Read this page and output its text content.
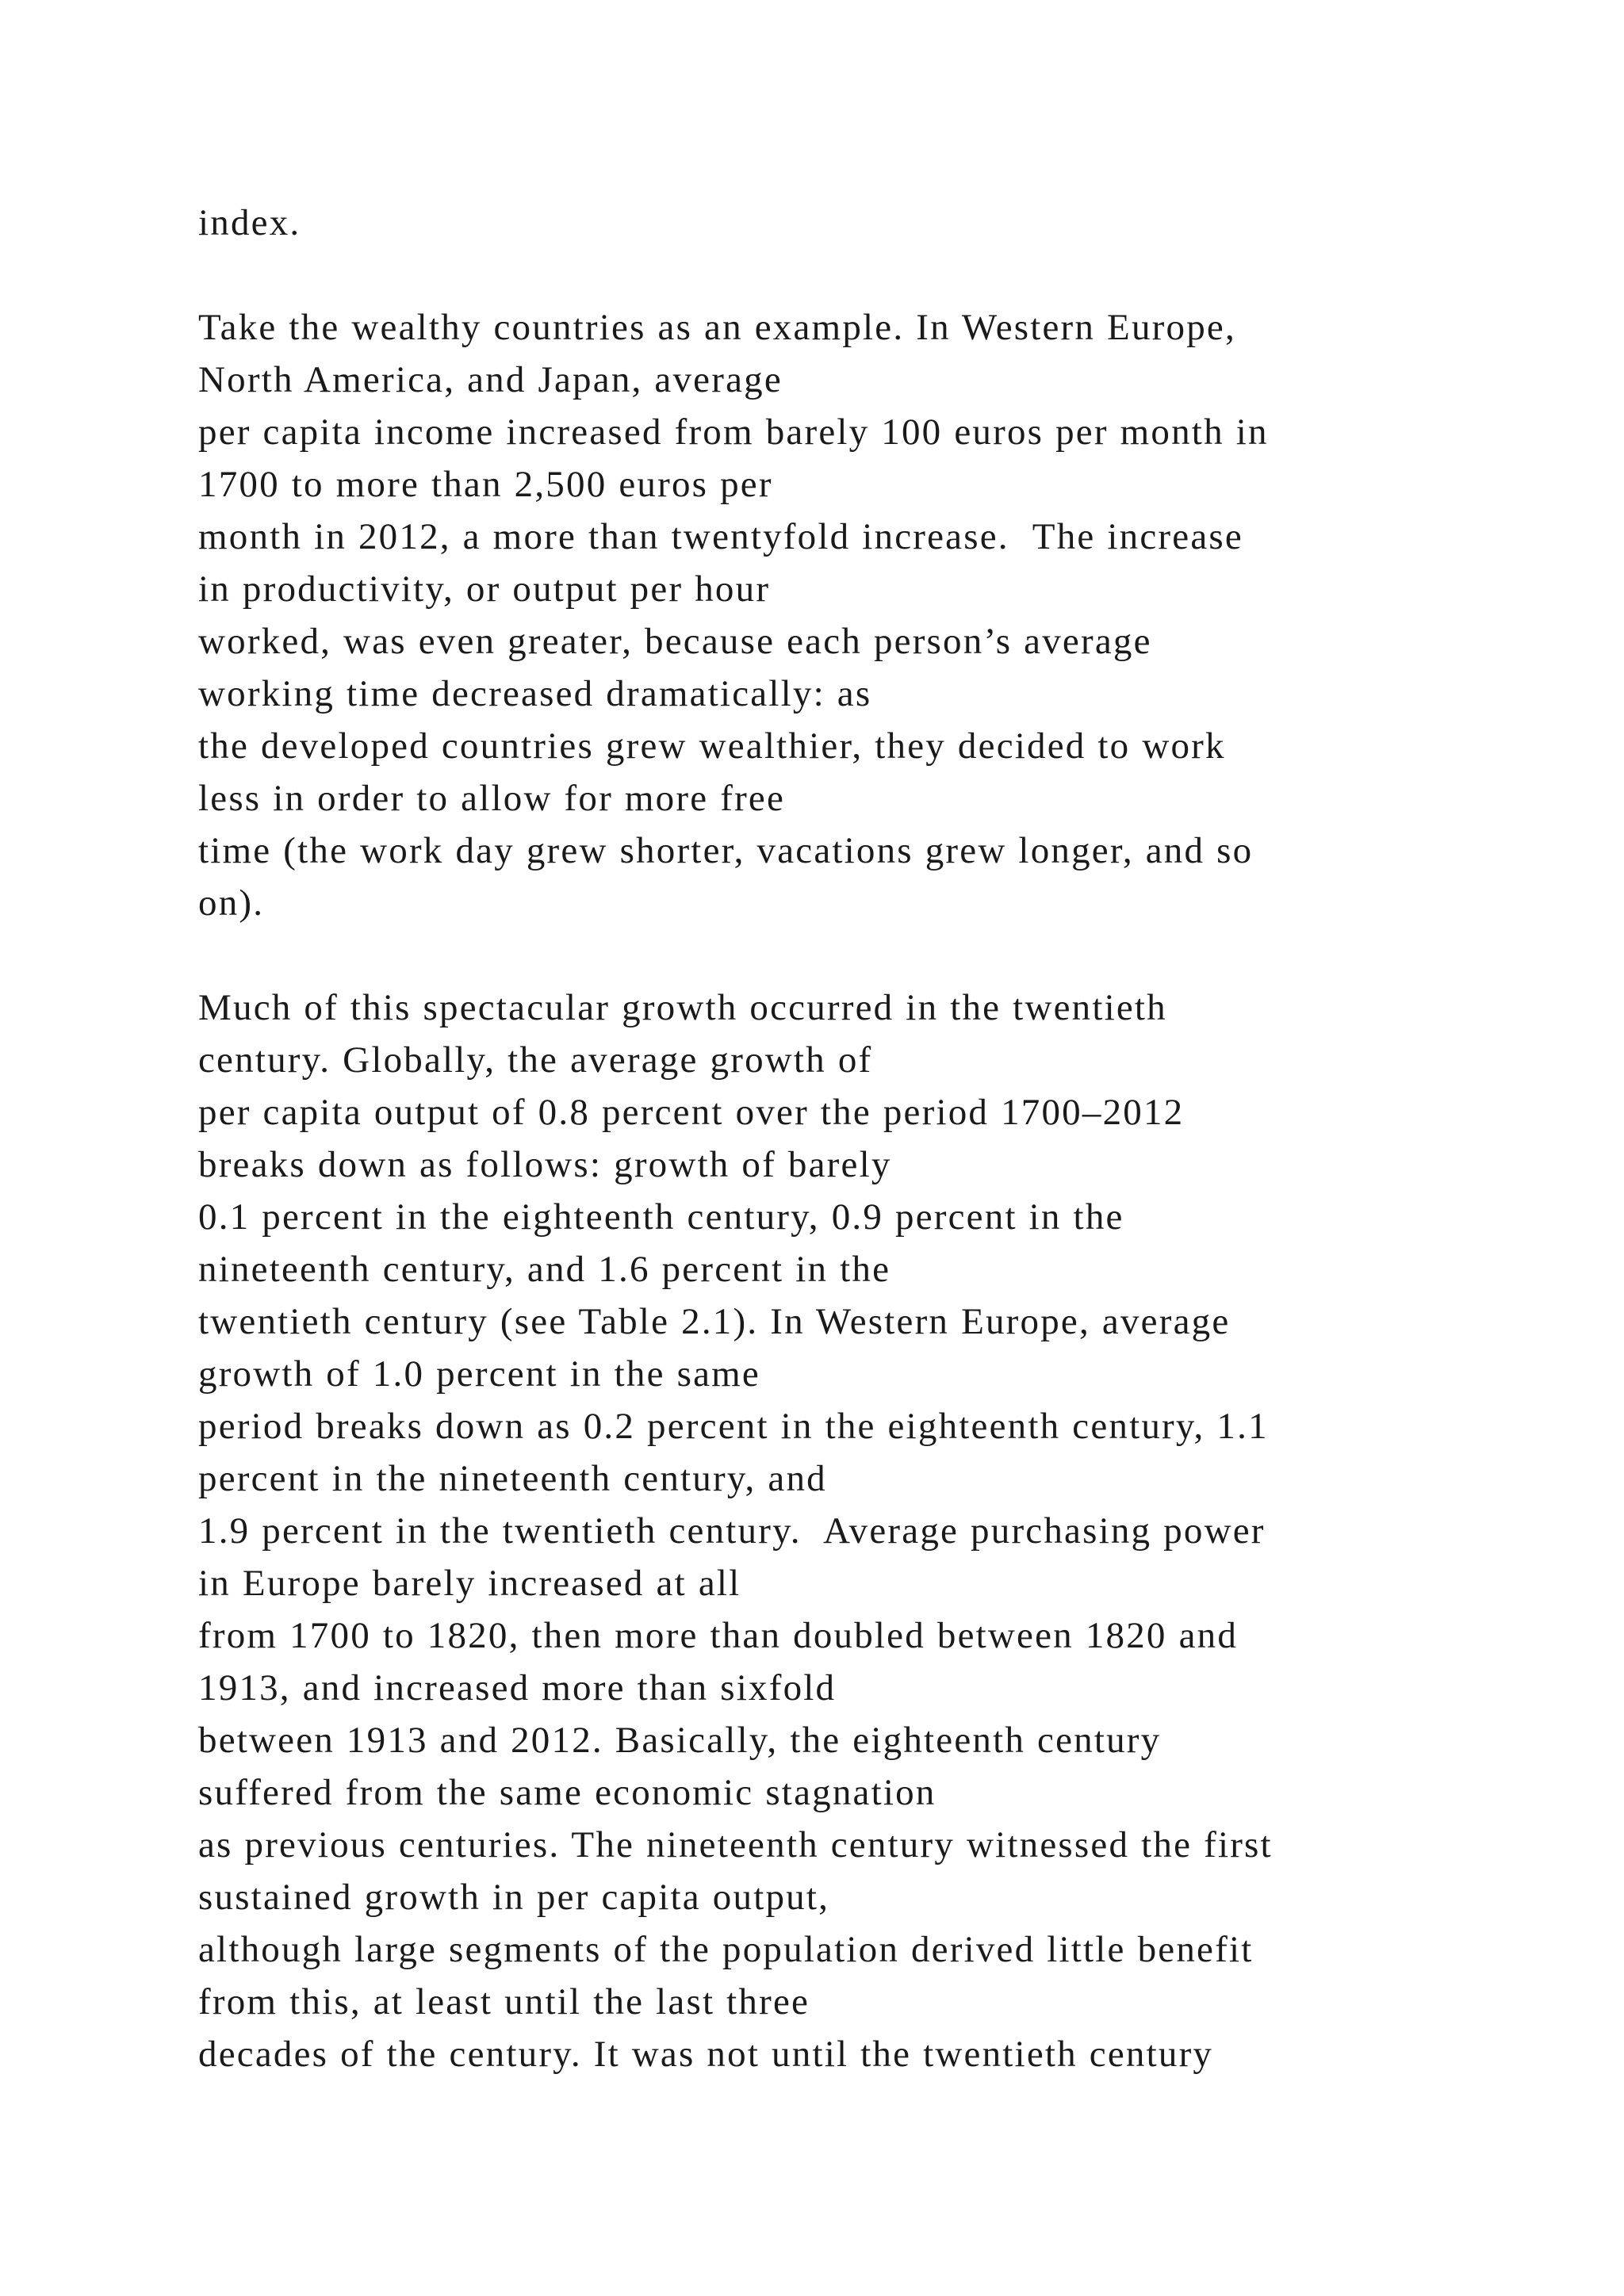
index.
Take the wealthy countries as an example. In Western Europe,
North America, and Japan, average
per capita income increased from barely 100 euros per month in
1700 to more than 2,500 euros per
month in 2012, a more than twentyfold increase.  The increase
in productivity, or output per hour
worked, was even greater, because each person’s average
working time decreased dramatically: as
the developed countries grew wealthier, they decided to work
less in order to allow for more free
time (the work day grew shorter, vacations grew longer, and so
on).
Much of this spectacular growth occurred in the twentieth
century. Globally, the average growth of
per capita output of 0.8 percent over the period 1700–2012
breaks down as follows: growth of barely
0.1 percent in the eighteenth century, 0.9 percent in the
nineteenth century, and 1.6 percent in the
twentieth century (see Table 2.1). In Western Europe, average
growth of 1.0 percent in the same
period breaks down as 0.2 percent in the eighteenth century, 1.1
percent in the nineteenth century, and
1.9 percent in the twentieth century.  Average purchasing power
in Europe barely increased at all
from 1700 to 1820, then more than doubled between 1820 and
1913, and increased more than sixfold
between 1913 and 2012. Basically, the eighteenth century
suffered from the same economic stagnation
as previous centuries. The nineteenth century witnessed the first
sustained growth in per capita output,
although large segments of the population derived little benefit
from this, at least until the last three
decades of the century. It was not until the twentieth century
